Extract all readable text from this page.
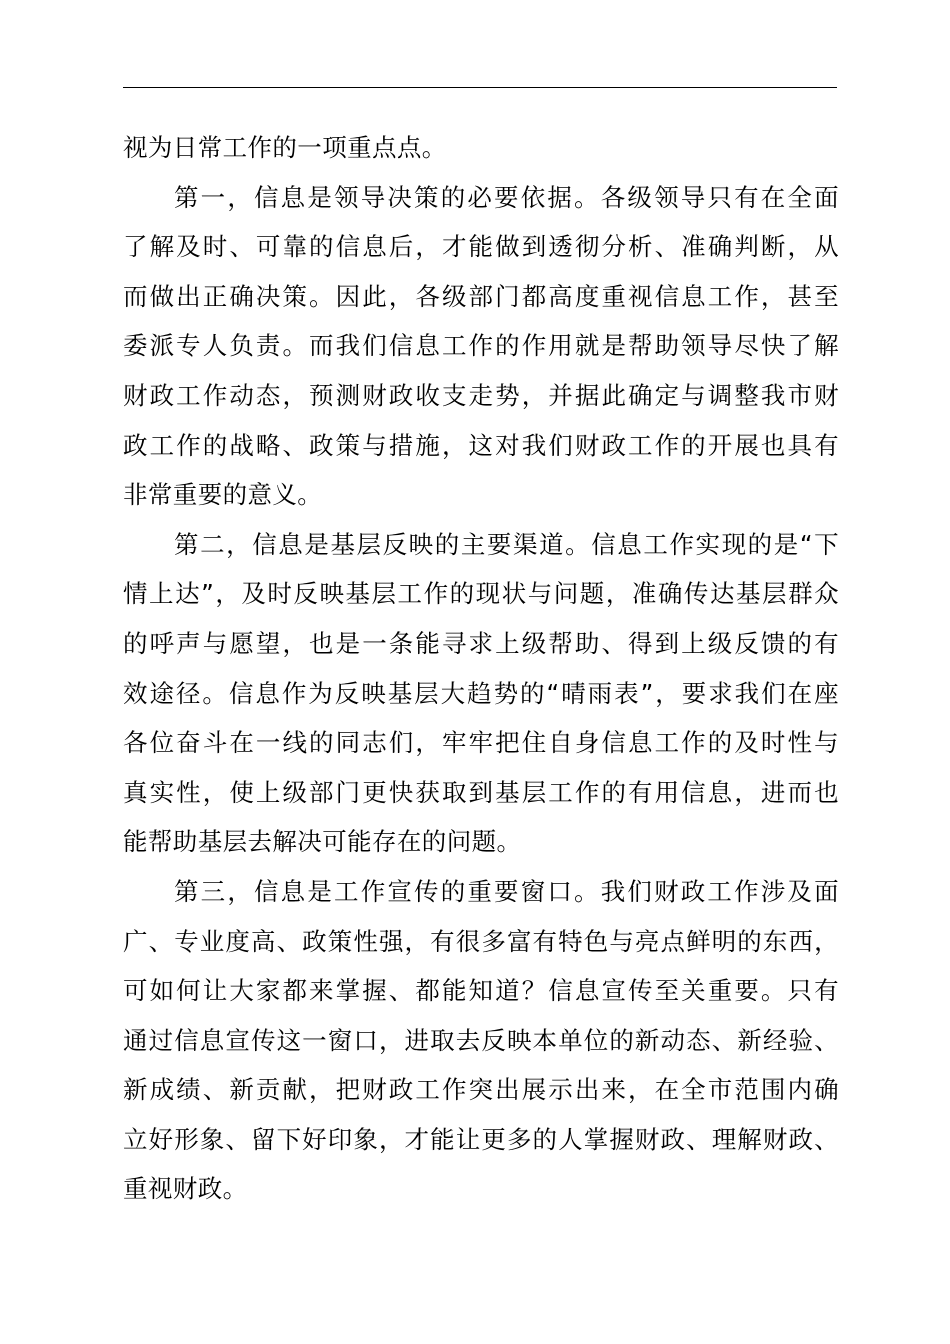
视为日常工作的一项重点点。
第一，信息是领导决策的必要依据。各级领导只有在全面
了解及时、可靠的信息后，才能做到透彻分析、准确判断，从
而做出正确决策。因此，各级部门都高度重视信息工作，甚至
委派专人负责。而我们信息工作的作用就是帮助领导尽快了解
财政工作动态，预测财政收支走势，并据此确定与调整我市财
政工作的战略、政策与措施，这对我们财政工作的开展也具有
非常重要的意义。
第二，信息是基层反映的主要渠道。信息工作实现的是“下
情上达”，及时反映基层工作的现状与问题，准确传达基层群众
的呼声与愿望，也是一条能寻求上级帮助、得到上级反馈的有
效途径。信息作为反映基层大趋势的“晴雨表”，要求我们在座
各位奋斗在一线的同志们，牢牢把住自身信息工作的及时性与
真实性，使上级部门更快获取到基层工作的有用信息，进而也
能帮助基层去解决可能存在的问题。
第三，信息是工作宣传的重要窗口。我们财政工作涉及面
广、专业度高、政策性强，有很多富有特色与亮点鲜明的东西，
可如何让大家都来掌握、都能知道？信息宣传至关重要。只有
通过信息宣传这一窗口，进取去反映本单位的新动态、新经验、
新成绩、新贡献，把财政工作突出展示出来，在全市范围内确
立好形象、留下好印象，才能让更多的人掌握财政、理解财政、
重视财政。
